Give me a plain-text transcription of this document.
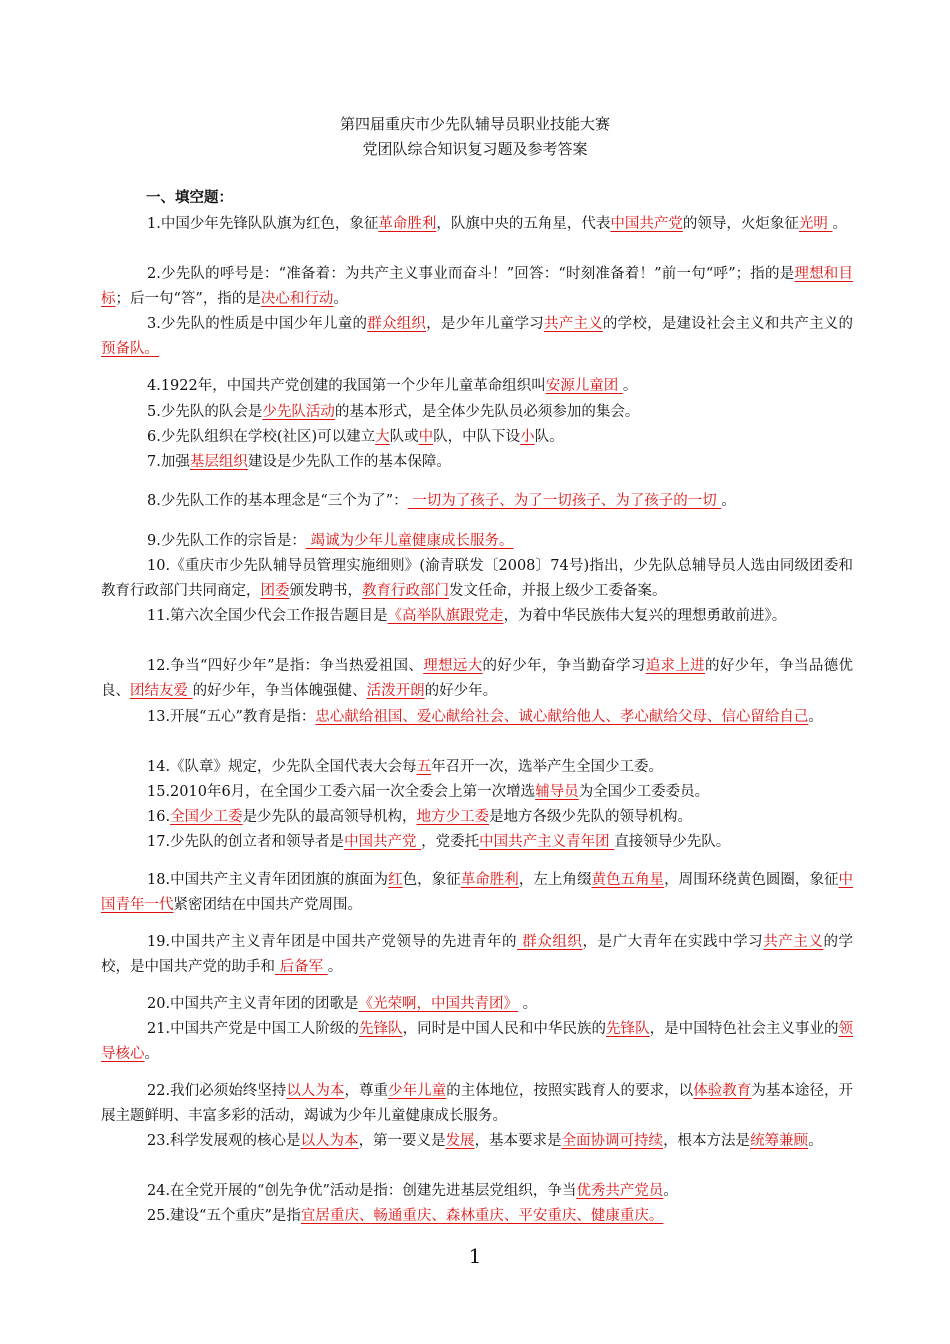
第四届重庆市少先队辅导员职业技能大赛
党团队综合知识复习题及参考答案
一、填空题：
1.中国少年先锋队队旗为红色，象征革命胜利，队旗中央的五角星，代表中国共产党的领导，火炬象征光明 。
2.少先队的呼号是：“准备着：为共产主义事业而奋斗！”回答：“时刻准备着！”前一句“呼”；指的是理想和目标；后一句“答”，指的是决心和行动。
3.少先队的性质是中国少年儿童的群众组织，是少年儿童学习共产主义的学校，是建设社会主义和共产主义的预备队。
4.1922年，中国共产党创建的我国第一个少年儿童革命组织叫安源儿童团 。
5.少先队的队会是少先队活动的基本形式，是全体少先队员必须参加的集会。
6.少先队组织在学校(社区)可以建立大队或中队，中队下设小队。
7.加强基层组织建设是少先队工作的基本保障。
8.少先队工作的基本理念是“三个为了”： 一切为了孩子、为了一切孩子、为了孩子的一切 。
9.少先队工作的宗旨是： 竭诚为少年儿童健康成长服务。
10.《重庆市少先队辅导员管理实施细则》(渝青联发〔2008〕74号)指出，少先队总辅导员人选由同级团委和教育行政部门共同商定，团委颁发聘书，教育行政部门发文任命，并报上级少工委备案。
11.第六次全国少代会工作报告题目是《高举队旗跟党走，为着中华民族伟大复兴的理想勇敢前进》。
12.争当“四好少年”是指：争当热爱祖国、理想远大的好少年，争当勤奋学习追求上进的好少年，争当品德优良、团结友爱 的好少年，争当体魄强健、活泼开朗的好少年。
13.开展“五心”教育是指：忠心献给祖国、爱心献给社会、诚心献给他人、孝心献给父母、信心留给自己。
14.《队章》规定，少先队全国代表大会每五年召开一次，选举产生全国少工委。
15.2010年6月，在全国少工委六届一次全委会上第一次增选辅导员为全国少工委委员。
16.全国少工委是少先队的最高领导机构，地方少工委是地方各级少先队的领导机构。
17.少先队的创立者和领导者是中国共产党 ，党委托中国共产主义青年团 直接领导少先队。
18.中国共产主义青年团团旗的旗面为红色，象征革命胜利，左上角缀黄色五角星，周围环绕黄色圆圈，象征中国青年一代紧密团结在中国共产党周围。
19.中国共产主义青年团是中国共产党领导的先进青年的 群众组织，是广大青年在实践中学习共产主义的学校，是中国共产党的助手和 后备军 。
20.中国共产主义青年团的团歌是《光荣啊，中国共青团》 。
21.中国共产党是中国工人阶级的先锋队，同时是中国人民和中华民族的先锋队，是中国特色社会主义事业的领导核心。
22.我们必须始终坚持以人为本，尊重少年儿童的主体地位，按照实践育人的要求，以体验教育为基本途径，开展主题鲜明、丰富多彩的活动，竭诚为少年儿童健康成长服务。
23.科学发展观的核心是以人为本，第一要义是发展，基本要求是全面协调可持续，根本方法是统筹兼顾。
24.在全党开展的“创先争优”活动是指：创建先进基层党组织，争当优秀共产党员。
25.建设“五个重庆”是指宜居重庆、畅通重庆、森林重庆、平安重庆、健康重庆。
1
